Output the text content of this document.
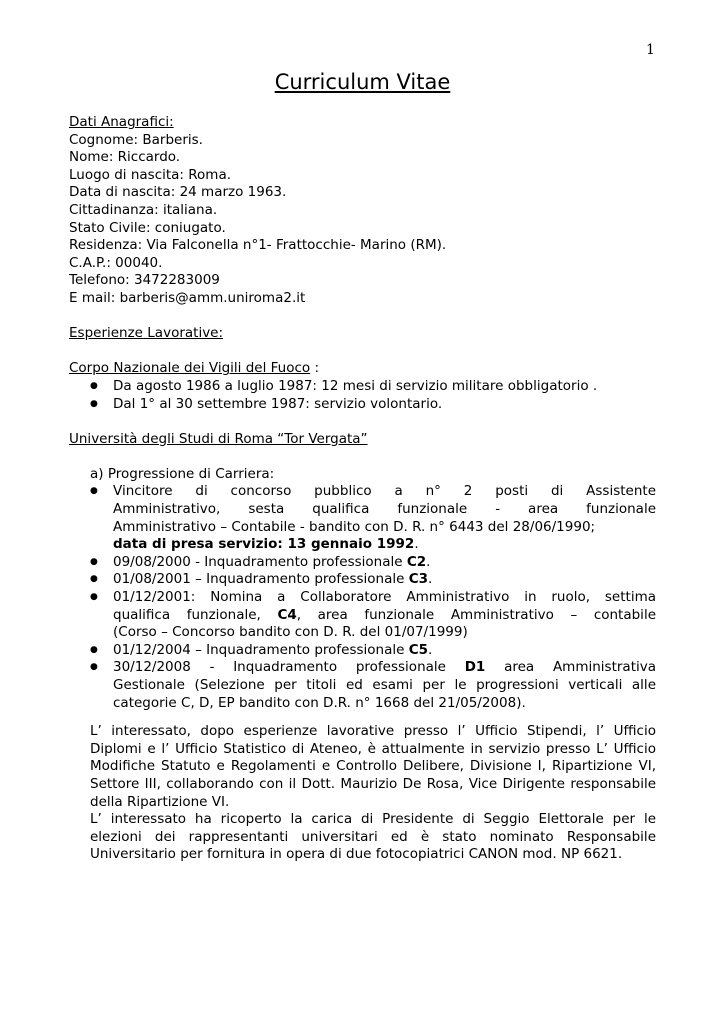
1
Curriculum Vitae
Dati Anagrafici:
Cognome: Barberis.
Nome: Riccardo.
Luogo di nascita: Roma.
Data di nascita: 24 marzo 1963.
Cittadinanza: italiana.
Stato Civile: coniugato.
Residenza: Via Falconella n°1- Frattocchie- Marino (RM).
C.A.P.: 00040.
Telefono: 3472283009
E mail: barberis@amm.uniroma2.it
Esperienze Lavorative:
Corpo Nazionale dei Vigili del Fuoco :
● Da agosto 1986 a luglio 1987: 12 mesi di servizio militare obbligatorio .
● Dal 1° al 30 settembre 1987: servizio volontario.
Università degli Studi di Roma “Tor Vergata”
a) Progressione di Carriera:
● Vincitore di concorso pubblico a n° 2 posti di Assistente
Amministrativo, sesta qualifica funzionale - area funzionale
Amministrativo – Contabile - bandito con D. R. n° 6443 del 28/06/1990;
data di presa servizio: 13 gennaio 1992.
● 09/08/2000 - Inquadramento professionale C2.
● 01/08/2001 – Inquadramento professionale C3.
● 01/12/2001: Nomina a Collaboratore Amministrativo in ruolo, settima
qualifica funzionale, C4, area funzionale Amministrativo – contabile
(Corso – Concorso bandito con D. R. del 01/07/1999)
● 01/12/2004 – Inquadramento professionale C5.
● 30/12/2008 - Inquadramento professionale D1 area Amministrativa
Gestionale (Selezione per titoli ed esami per le progressioni verticali alle categorie C, D, EP bandito con D.R. n° 1668 del 21/05/2008).
L’ interessato, dopo esperienze lavorative presso l’ Ufficio Stipendi, l’ Ufficio Diplomi e l’ Ufficio Statistico di Ateneo, è attualmente in servizio presso L’ Ufficio Modifiche Statuto e Regolamenti e Controllo Delibere, Divisione I, Ripartizione VI, Settore III, collaborando con il Dott. Maurizio De Rosa, Vice Dirigente responsabile della Ripartizione VI.
L’ interessato ha ricoperto la carica di Presidente di Seggio Elettorale per le elezioni dei rappresentanti universitari ed è stato nominato Responsabile Universitario per fornitura in opera di due fotocopiatrici CANON mod. NP 6621.
